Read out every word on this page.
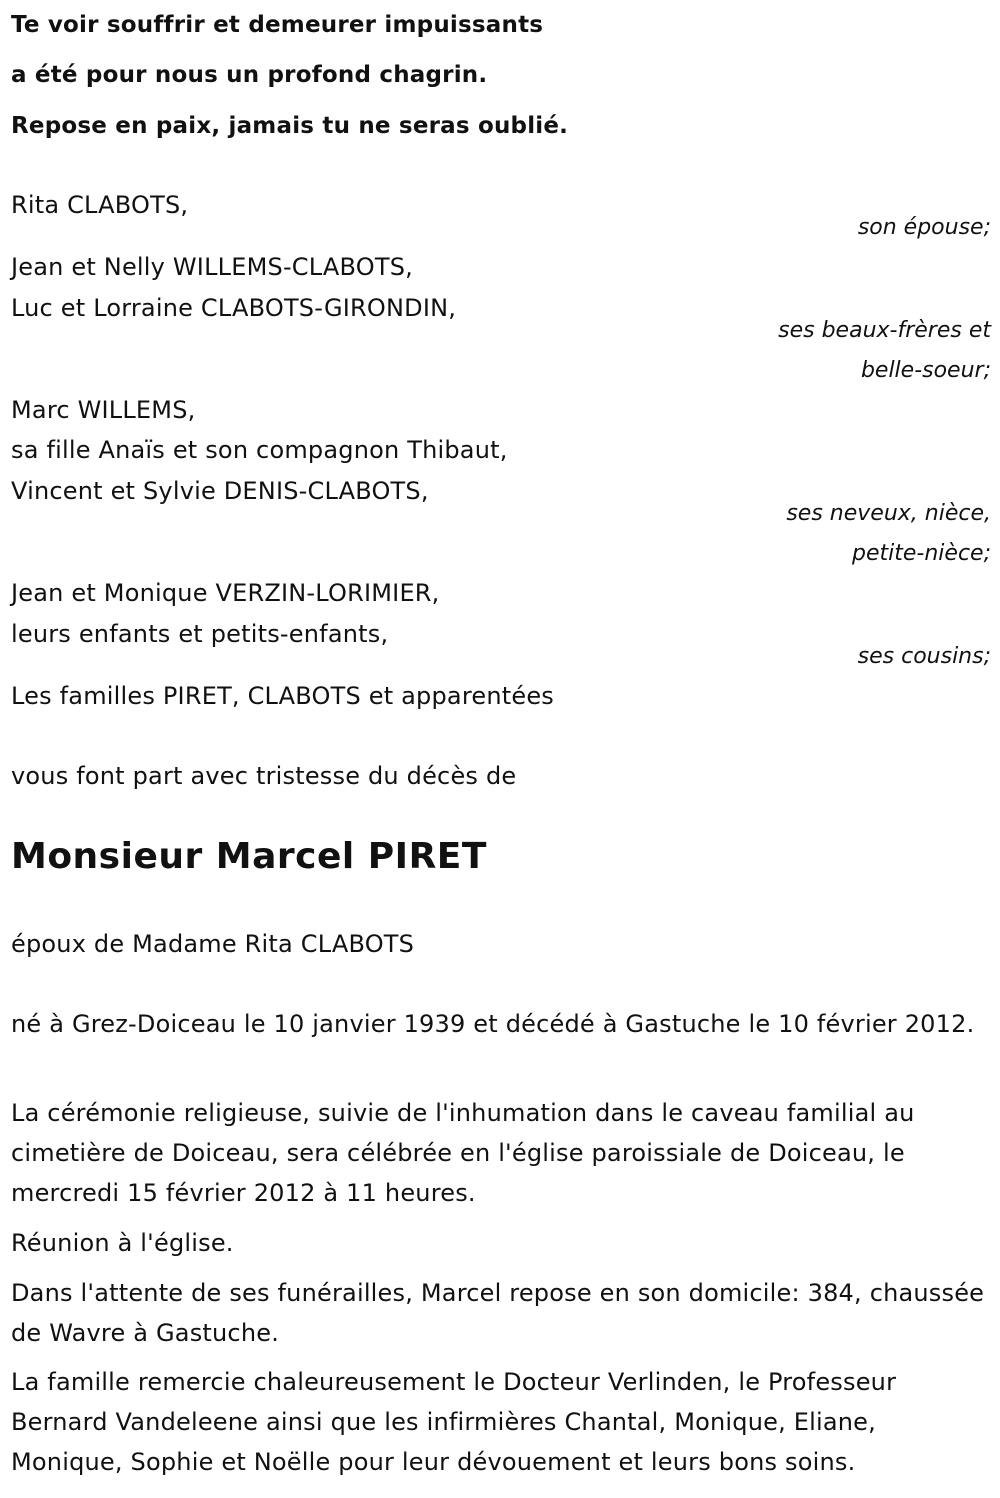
Te voir souffrir et demeurer impuissants
a été pour nous un profond chagrin.
Repose en paix, jamais tu ne seras oublié.
Rita CLABOTS,
son épouse;
Jean et Nelly WILLEMS-CLABOTS,
Luc et Lorraine CLABOTS-GIRONDIN,
ses beaux-frères et
belle-soeur;
Marc WILLEMS,
sa fille Anaïs et son compagnon Thibaut,
Vincent et Sylvie DENIS-CLABOTS,
ses neveux, nièce,
petite-nièce;
Jean et Monique VERZIN-LORIMIER,
leurs enfants et petits-enfants,
ses cousins;
Les familles PIRET, CLABOTS et apparentées
vous font part avec tristesse du décès de
Monsieur Marcel PIRET
époux de Madame Rita CLABOTS
né à Grez-Doiceau le 10 janvier 1939 et décédé à Gastuche le 10 février 2012.
La cérémonie religieuse, suivie de l'inhumation dans le caveau familial au cimetière de Doiceau, sera célébrée en l'église paroissiale de Doiceau, le mercredi 15 février 2012 à 11 heures.
Réunion à l'église.
Dans l'attente de ses funérailles, Marcel repose en son domicile: 384, chaussée de Wavre à Gastuche.
La famille remercie chaleureusement le Docteur Verlinden, le Professeur Bernard Vandeleene ainsi que les infirmières Chantal, Monique, Eliane, Monique, Sophie et Noëlle pour leur dévouement et leurs bons soins.
